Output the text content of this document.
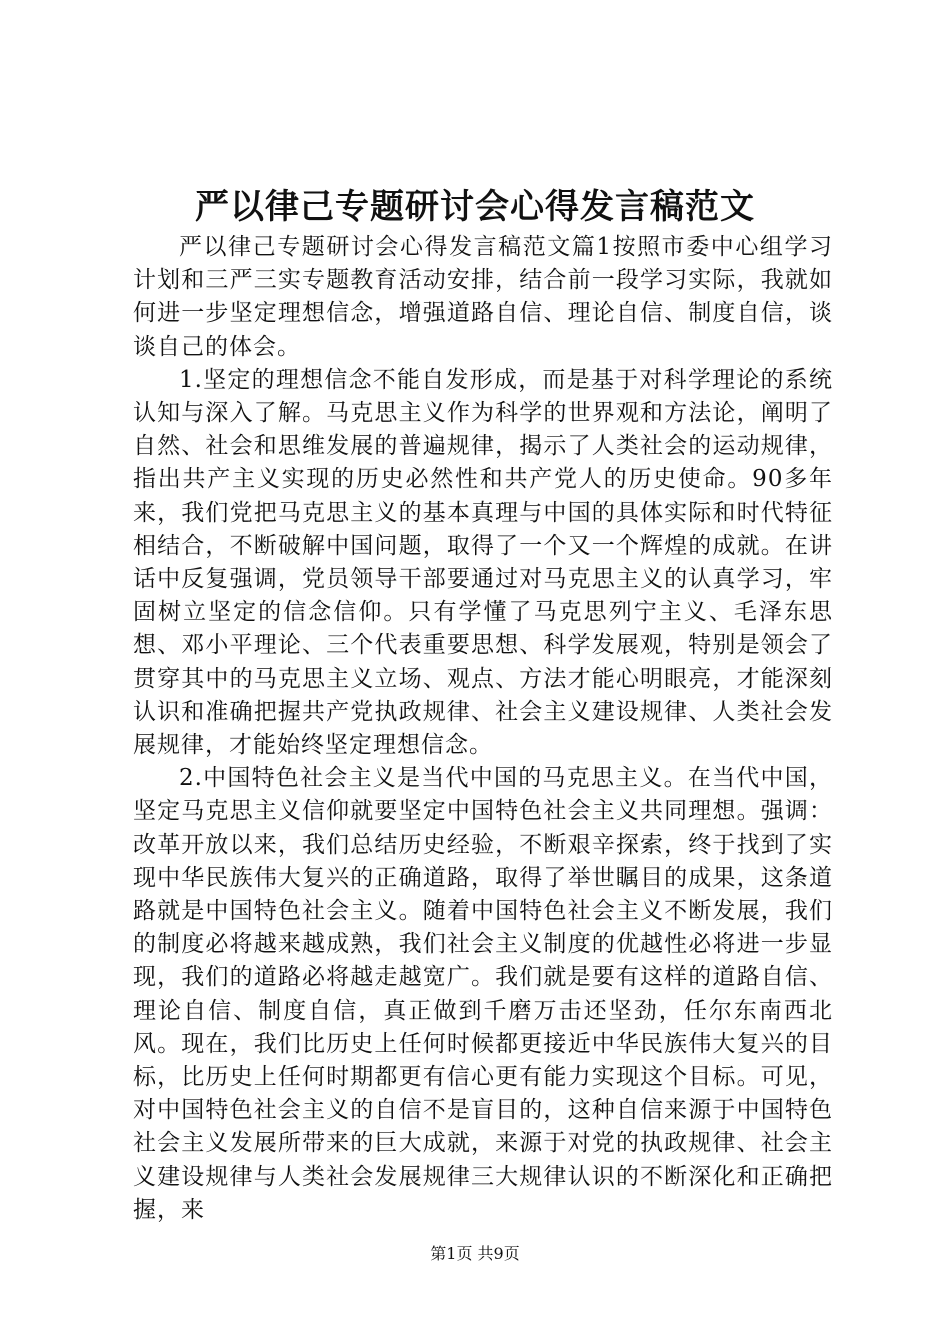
严以律己专题研讨会心得发言稿范文

严以律己专题研讨会心得发言稿范文篇1按照市委中心组学习计划和三严三实专题教育活动安排，结合前一段学习实际，我就如何进一步坚定理想信念，增强道路自信、理论自信、制度自信，谈谈自己的体会。

1.坚定的理想信念不能自发形成，而是基于对科学理论的系统认知与深入了解。马克思主义作为科学的世界观和方法论，阐明了自然、社会和思维发展的普遍规律，揭示了人类社会的运动规律，指出共产主义实现的历史必然性和共产党人的历史使命。90多年来，我们党把马克思主义的基本真理与中国的具体实际和时代特征相结合，不断破解中国问题，取得了一个又一个辉煌的成就。在讲话中反复强调，党员领导干部要通过对马克思主义的认真学习，牢固树立坚定的信念信仰。只有学懂了马克思列宁主义、毛泽东思想、邓小平理论、三个代表重要思想、科学发展观，特别是领会了贯穿其中的马克思主义立场、观点、方法才能心明眼亮，才能深刻认识和准确把握共产党执政规律、社会主义建设规律、人类社会发展规律，才能始终坚定理想信念。

2.中国特色社会主义是当代中国的马克思主义。在当代中国，坚定马克思主义信仰就要坚定中国特色社会主义共同理想。强调：改革开放以来，我们总结历史经验，不断艰辛探索，终于找到了实现中华民族伟大复兴的正确道路，取得了举世瞩目的成果，这条道路就是中国特色社会主义。随着中国特色社会主义不断发展，我们的制度必将越来越成熟，我们社会主义制度的优越性必将进一步显现，我们的道路必将越走越宽广。我们就是要有这样的道路自信、理论自信、制度自信，真正做到千磨万击还坚劲，任尔东南西北风。现在，我们比历史上任何时候都更接近中华民族伟大复兴的目标，比历史上任何时期都更有信心更有能力实现这个目标。可见，对中国特色社会主义的自信不是盲目的，这种自信来源于中国特色社会主义发展所带来的巨大成就，来源于对党的执政规律、社会主义建设规律与人类社会发展规律三大规律认识的不断深化和正确把握，来

第1页 共9页
